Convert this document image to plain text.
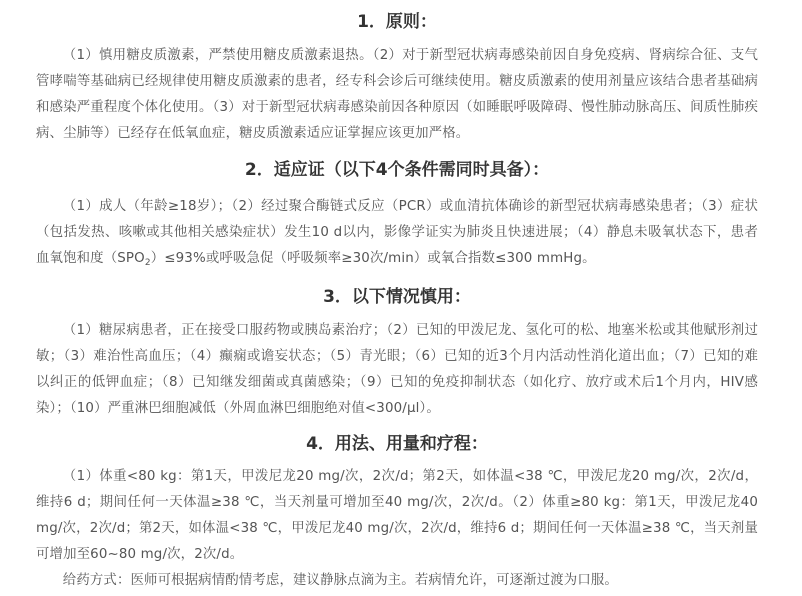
1．原则：

（1）慎用糖皮质激素，严禁使用糖皮质激素退热。（2）对于新型冠状病毒感染前因自身免疫病、肾病综合征、支气管哮喘等基础病已经规律使用糖皮质激素的患者，经专科会诊后可继续使用。糖皮质激素的使用剂量应该结合患者基础病和感染严重程度个体化使用。（3）对于新型冠状病毒感染前因各种原因（如睡眠呼吸障碍、慢性肺动脉高压、间质性肺疾病、尘肺等）已经存在低氧血症，糖皮质激素适应证掌握应该更加严格。

2．适应证（以下4个条件需同时具备）：

（1）成人（年龄≥18岁）；（2）经过聚合酶链式反应（PCR）或血清抗体确诊的新型冠状病毒感染患者；（3）症状（包括发热、咳嗽或其他相关感染症状）发生10 d以内，影像学证实为肺炎且快速进展；（4）静息未吸氧状态下，患者血氧饱和度$(SPO_2)\le 93\%$或呼吸急促（呼吸频率≥30次/min）或氧合指数≤300 mmHg。

3．以下情况慎用：

（1）糖尿病患者，正在接受口服药物或胰岛素治疗；（2）已知的甲泼尼龙、氢化可的松、地塞米松或其他赋形剂过敏；（3）难治性高血压；（4）癫痫或谵妄状态；（5）青光眼；（6）已知的近3个月内活动性消化道出血；（7）已知的难以纠正的低钾血症；（8）已知继发细菌或真菌感染；（9）已知的免疫抑制状态（如化疗、放疗或术后1个月内，HIV感染）；（10）严重淋巴细胞减低（外周血淋巴细胞绝对值<300/μl）。

4．用法、用量和疗程：

（1）体重<80 kg：第1天，甲泼尼龙20 mg/次，2次/d；第2天，如体温<38 ℃，甲泼尼龙20 mg/次，2次/d，维持6 d；期间任何一天体温≥38 ℃，当天剂量可增加至40 mg/次，2次/d。（2）体重≥80 kg：第1天，甲泼尼龙40 mg/次，2次/d；第2天，如体温<38 ℃，甲泼尼龙40 mg/次，2次/d，维持6 d；期间任何一天体温≥38 ℃，当天剂量可增加至60~80 mg/次，2次/d。

给药方式：医师可根据病情酌情考虑，建议静脉点滴为主。若病情允许，可逐渐过渡为口服。
